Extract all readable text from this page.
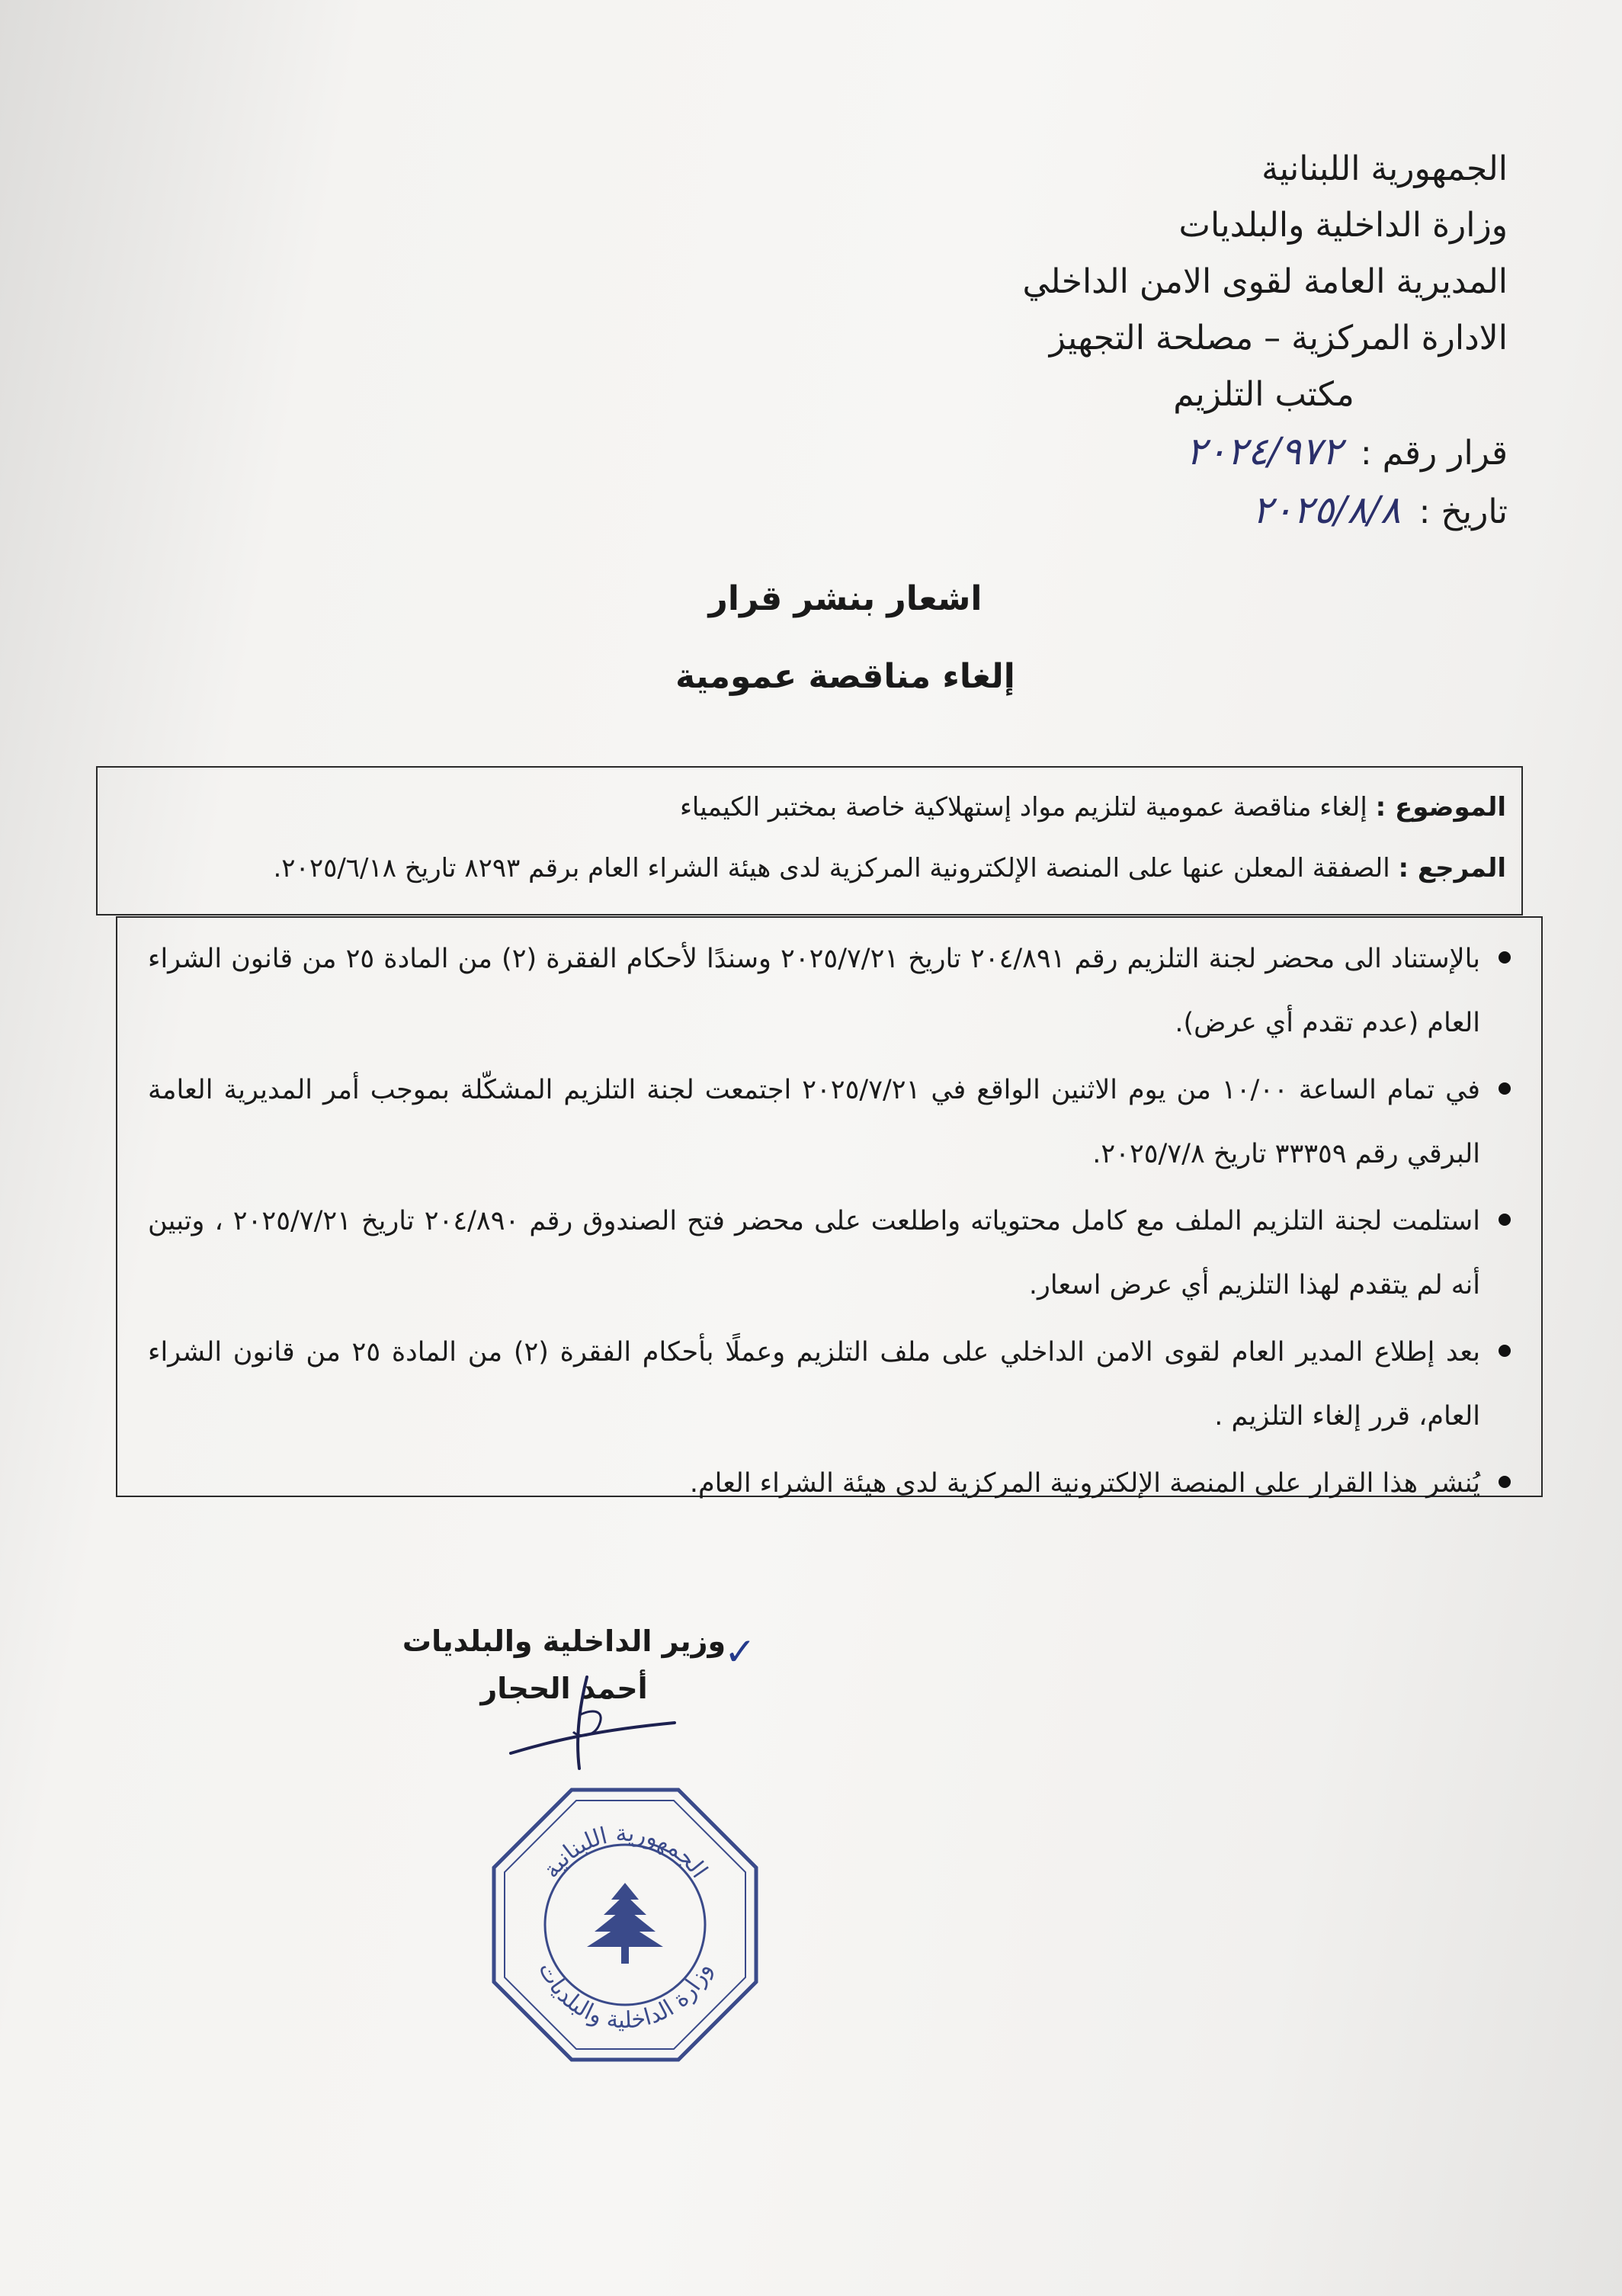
الجمهورية اللبنانية
وزارة الداخلية والبلديات
المديرية العامة لقوى الامن الداخلي
الادارة المركزية – مصلحة التجهيز
مكتب التلزيم
قرار رقم : ٢٠٢٤/٩٧٢
تاريخ : ٢٠٢٥/٨/٨
اشعار بنشر قرار
إلغاء مناقصة عمومية
الموضوع : إلغاء مناقصة عمومية لتلزيم مواد إستهلاكية خاصة بمختبر الكيمياء
المرجع : الصفقة المعلن عنها على المنصة الإلكترونية المركزية لدى هيئة الشراء العام برقم ٨٢٩٣ تاريخ ٢٠٢٥/٦/١٨.
بالإستناد الى محضر لجنة التلزيم رقم ٢٠٤/٨٩١ تاريخ ٢٠٢٥/٧/٢١ وسندًا لأحكام الفقرة (٢) من المادة ٢٥ من قانون الشراء العام (عدم تقدم أي عرض).
في تمام الساعة ١٠/٠٠ من يوم الاثنين الواقع في ٢٠٢٥/٧/٢١ اجتمعت لجنة التلزيم المشكّلة بموجب أمر المديرية العامة البرقي رقم ٣٣٣٥٩ تاريخ ٢٠٢٥/٧/٨.
استلمت لجنة التلزيم الملف مع كامل محتوياته واطلعت على محضر فتح الصندوق رقم ٢٠٤/٨٩٠ تاريخ ٢٠٢٥/٧/٢١ ، وتبين أنه لم يتقدم لهذا التلزيم أي عرض اسعار.
بعد إطلاع المدير العام لقوى الامن الداخلي على ملف التلزيم وعملًا بأحكام الفقرة (٢) من المادة ٢٥ من قانون الشراء العام، قرر إلغاء التلزيم .
يُنشر هذا القرار على المنصة الإلكترونية المركزية لدى هيئة الشراء العام.
✓
وزير الداخلية والبلديات
أحمد الحجار
الجمهورية اللبنانية
وزارة الداخلية والبلديات
